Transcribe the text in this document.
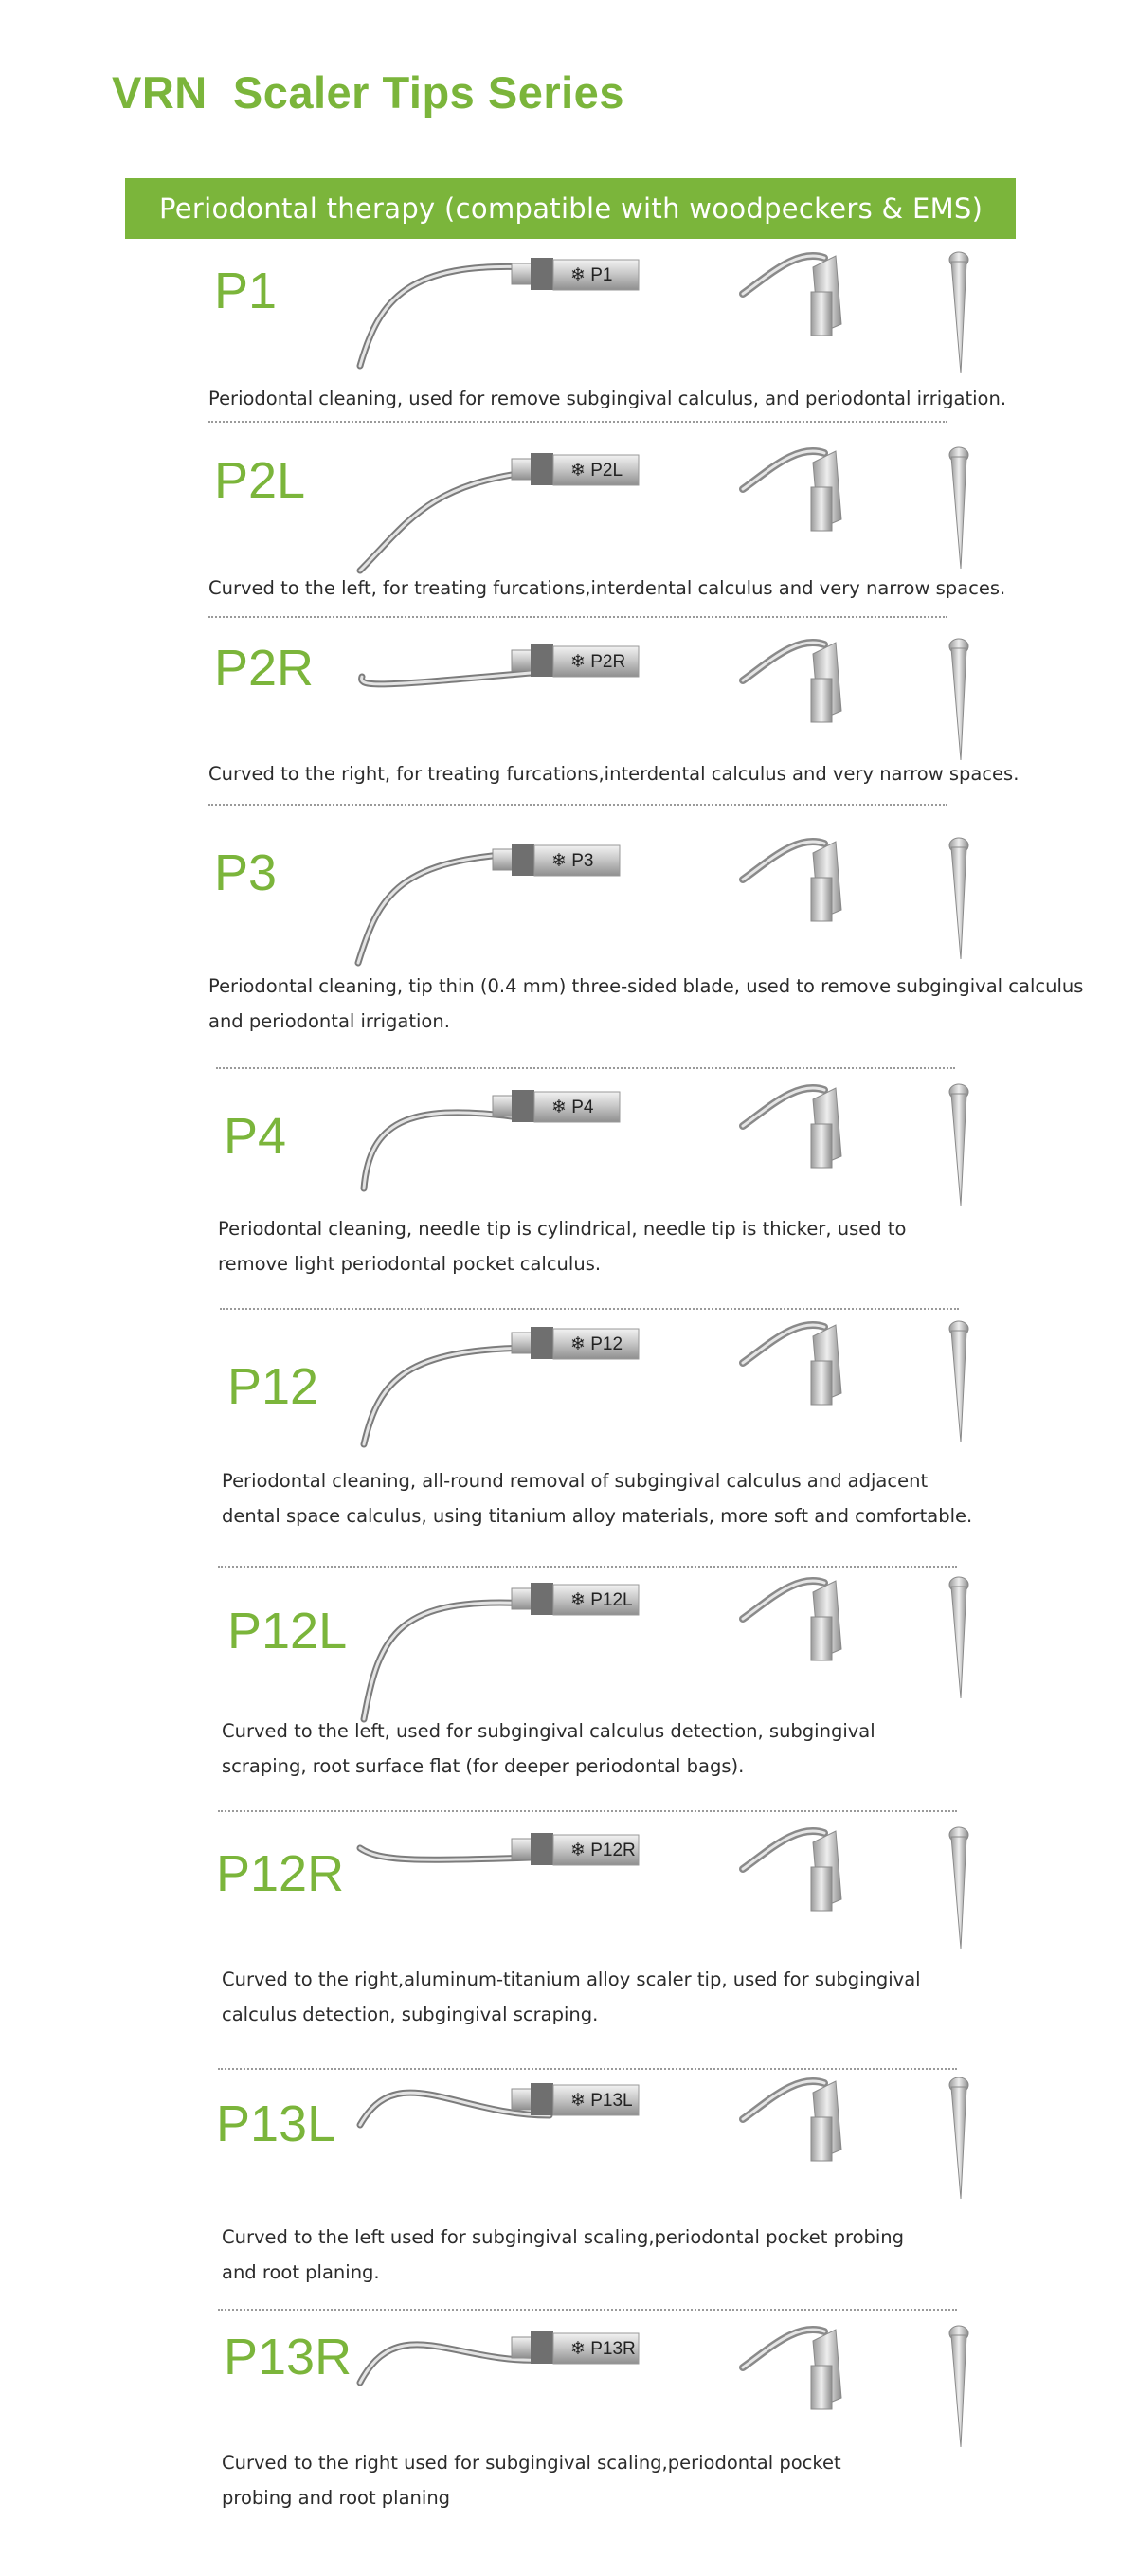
VRN  Scaler Tips Series
Periodontal therapy (compatible with woodpeckers & EMS)
P1	❄ P1
Periodontal cleaning, used for remove subgingival calculus, and periodontal irrigation.
P2L	❄ P2L
Curved to the left, for treating furcations,interdental calculus and very narrow spaces.
P2R	❄ P2R
Curved to the right, for treating furcations,interdental calculus and very narrow spaces.
P3	❄ P3
Periodontal cleaning, tip thin (0.4 mm) three-sided blade, used to remove subgingival calculus
and periodontal irrigation.
P4
❄ P4
Periodontal cleaning, needle tip is cylindrical, needle tip is thicker, used to
remove light periodontal pocket calculus.
P12
❄ P12
Periodontal cleaning, all-round removal of subgingival calculus and adjacent
dental space calculus, using titanium alloy materials, more soft and comfortable.
P12L
❄ P12L
Curved to the left, used for subgingival calculus detection, subgingival
scraping, root surface flat (for deeper periodontal bags).
P12R	❄ P12R
Curved to the right,aluminum-titanium alloy scaler tip, used for subgingival
calculus detection, subgingival scraping.
P13L	❄ P13L
Curved to the left used for subgingival scaling,periodontal pocket probing
and root planing.
P13R	❄ P13R
Curved to the right used for subgingival scaling,periodontal pocket
probing and root planing
